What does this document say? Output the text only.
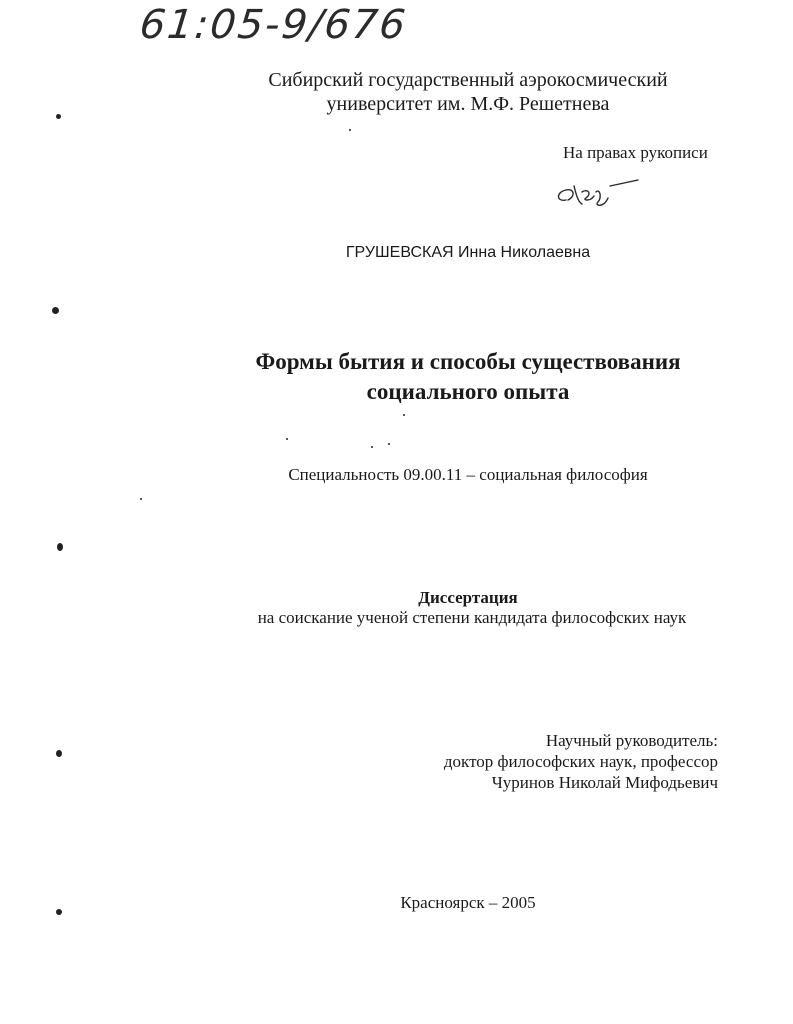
61:05-9/676
Сибирский государственный аэрокосмический
университет им. М.Ф. Решетнева
На правах рукописи
ГРУШЕВСКАЯ Инна Николаевна
Формы бытия и способы существования
социального опыта
Специальность 09.00.11 – социальная философия
Диссертация
на соискание ученой степени кандидата философских наук
Научный руководитель:
доктор философских наук, профессор
Чуринов Николай Мифодьевич
Красноярск – 2005
